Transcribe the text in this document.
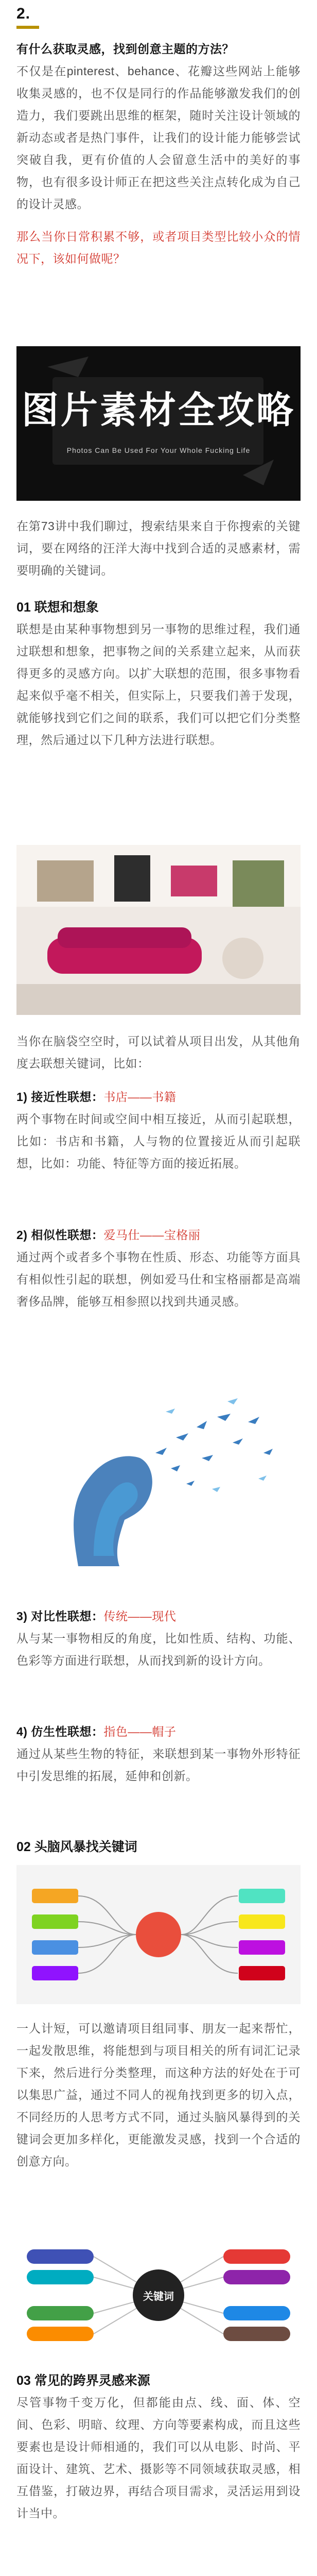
2.
有什么获取灵感，找到创意主题的方法？
不仅是在pinterest、behance、花瓣这些网站上能够收集灵感的，也不仅是同行的作品能够激发我们的创造力，我们要跳出思维的框架，随时关注设计领域的新动态或者是热门事件，让我们的设计能力能够尝试突破自我，更有价值的人会留意生活中的美好的事物，也有很多设计师正在把这些关注点转化成为自己的设计灵感。
那么当你日常积累不够，或者项目类型比较小众的情况下，该如何做呢？
图片素材全攻略
Photos Can Be Used For Your Whole Fucking Life
在第73讲中我们聊过，搜索结果来自于你搜索的关键词，要在网络的汪洋大海中找到合适的灵感素材，需要明确的关键词。
01 联想和想象
联想是由某种事物想到另一事物的思维过程，我们通过联想和想象，把事物之间的关系建立起来，从而获得更多的灵感方向。以扩大联想的范围，很多事物看起来似乎毫不相关，但实际上，只要我们善于发现，就能够找到它们之间的联系，我们可以把它们分类整理，然后通过以下几种方法进行联想。
当你在脑袋空空时，可以试着从项目出发，从其他角度去联想关键词，比如：
1) 接近性联想：书店——书籍
两个事物在时间或空间中相互接近，从而引起联想，比如：书店和书籍，人与物的位置接近从而引起联想，比如：功能、特征等方面的接近拓展。
2) 相似性联想：爱马仕——宝格丽
通过两个或者多个事物在性质、形态、功能等方面具有相似性引起的联想，例如爱马仕和宝格丽都是高端奢侈品牌，能够互相参照以找到共通灵感。
3) 对比性联想：传统——现代
从与某一事物相反的角度，比如性质、结构、功能、色彩等方面进行联想，从而找到新的设计方向。
4) 仿生性联想：指色——帽子
通过从某些生物的特征，来联想到某一事物外形特征中引发思维的拓展，延伸和创新。
02 头脑风暴找关键词
一人计短，可以邀请项目组同事、朋友一起来帮忙，一起发散思维，将能想到与项目相关的所有词汇记录下来，然后进行分类整理，而这种方法的好处在于可以集思广益，通过不同人的视角找到更多的切入点，不同经历的人思考方式不同，通过头脑风暴得到的关键词会更加多样化，更能激发灵感，找到一个合适的创意方向。
关键词
03 常见的跨界灵感来源
尽管事物千变万化，但都能由点、线、面、体、空间、色彩、明暗、纹理、方向等要素构成，而且这些要素也是设计师相通的，我们可以从电影、时尚、平面设计、建筑、艺术、摄影等不同领域获取灵感，相互借鉴，打破边界，再结合项目需求，灵活运用到设计当中。
